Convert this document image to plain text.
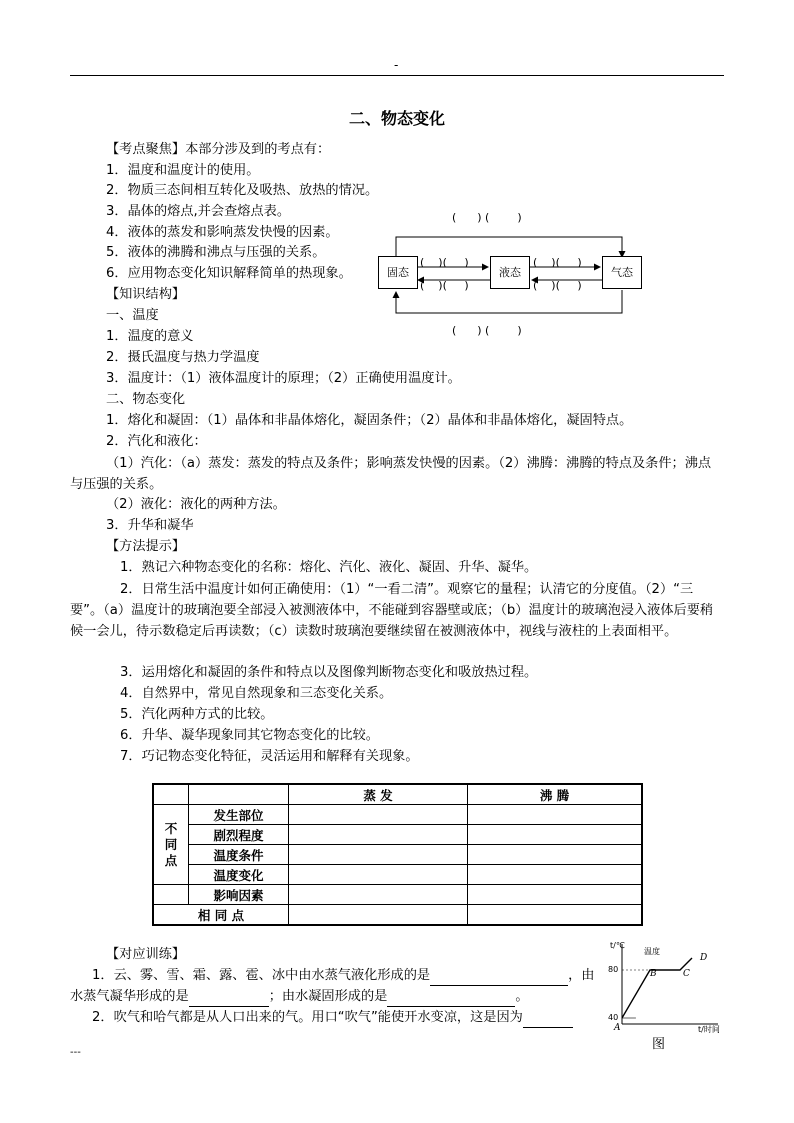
-
二、物态变化
【考点聚焦】本部分涉及到的考点有：
1．温度和温度计的使用。
2．物质三态间相互转化及吸热、放热的情况。
3．晶体的熔点,并会查熔点表。
4．液体的蒸发和影响蒸发快慢的因素。
5．液体的沸腾和沸点与压强的关系。
6．应用物态变化知识解释简单的热现象。	固态	液态	气态
(      ) (        )
(      ) (        )
(    )(     )
(    )(     )
(    )(     )
(    )(     )
【知识结构】
一、温度
1．温度的意义
2．摄氏温度与热力学温度
3．温度计：（1）液体温度计的原理；（2）正确使用温度计。
二、物态变化
1．熔化和凝固：（1）晶体和非晶体熔化，凝固条件；（2）晶体和非晶体熔化，凝固特点。
2．汽化和液化：
（1）汽化：（a）蒸发：蒸发的特点及条件；影响蒸发快慢的因素。（2）沸腾：沸腾的特点及条件；沸点与压强的关系。
（2）液化：液化的两种方法。
3．升华和凝华
【方法提示】
1．熟记六种物态变化的名称：熔化、汽化、液化、凝固、升华、凝华。
2．日常生活中温度计如何正确使用：（1）“一看二清”。观察它的量程；认清它的分度值。（2）“三要”。（a）温度计的玻璃泡要全部浸入被测液体中，不能碰到容器壁或底；（b）温度计的玻璃泡浸入液体后要稍候一会儿，待示数稳定后再读数；（c）读数时玻璃泡要继续留在被测液体中，视线与液柱的上表面相平。
3．运用熔化和凝固的条件和特点以及图像判断物态变化和吸放热过程。
4．自然界中，常见自然现象和三态变化关系。
5．汽化两种方式的比较。
6．升华、凝华现象同其它物态变化的比较。
7．巧记物态变化特征，灵活运用和解释有关现象。
		蒸 发	沸 腾
不同点	发生部位		
	剧烈程度		
	温度条件		
	温度变化		
	影响因素		
相 同 点			
【对应训练】
1．云、雾、雪、霜、露、雹、冰中由水蒸气液化形成的是	，由
水蒸气凝华形成的是	；由水凝固形成的是	。
2．吹气和哈气都是从人口出来的气。用口“吹气”能使开水变凉，这是因为
t/℃
温度
80
40
A
B	C
D
t/时间
图
---
